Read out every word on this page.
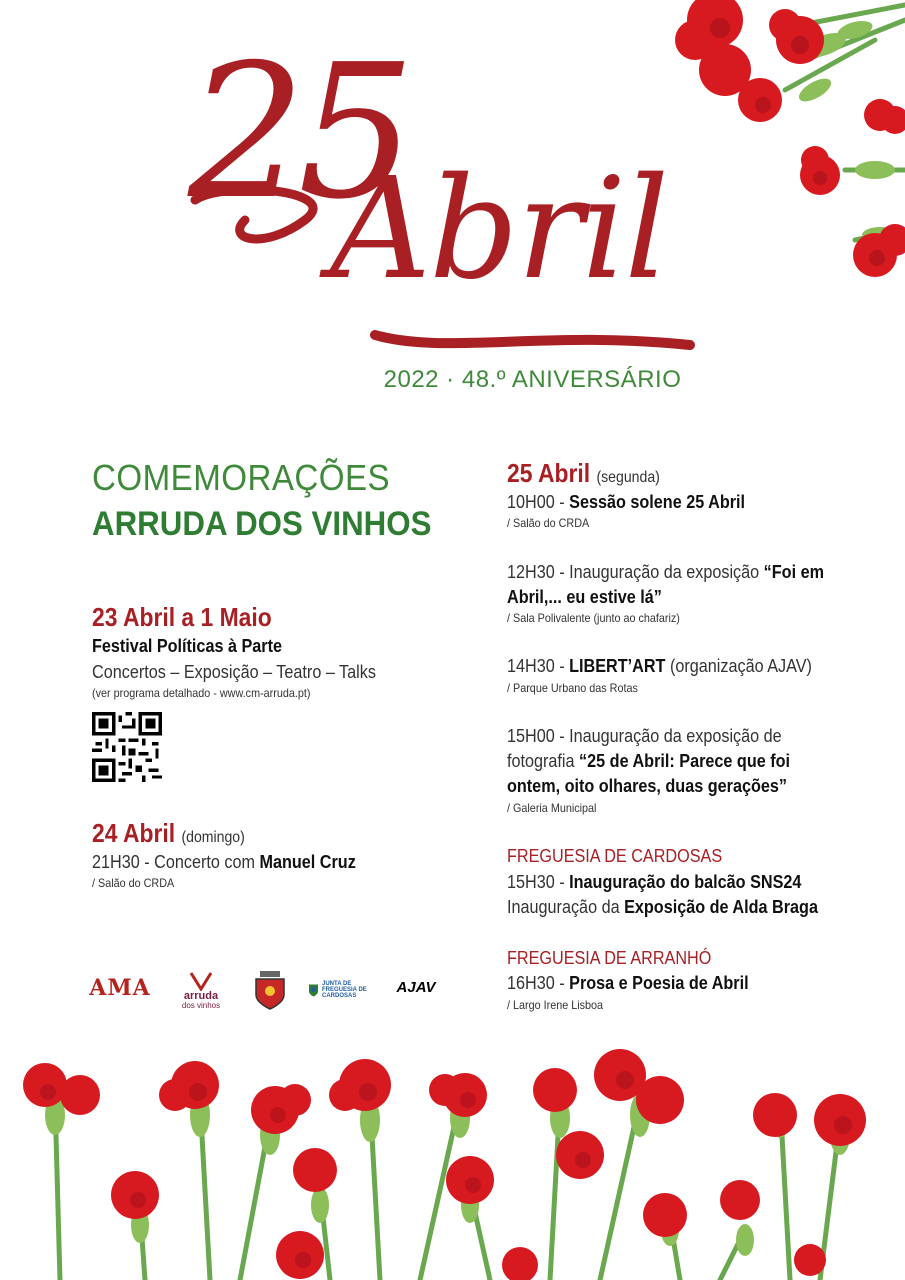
25
Abril
2022 · 48.º ANIVERSÁRIO
COMEMORAÇÕES
ARRUDA DOS VINHOS
23 Abril a 1 Maio
Festival Políticas à Parte
Concertos – Exposição – Teatro – Talks
(ver programa detalhado - www.cm-arruda.pt)
24 Abril (domingo)
21H30 - Concerto com Manuel Cruz
/ Salão do CRDA
AMA
	arruda
dos vinhos
JUNTA DE FREGUESIA DE CARDOSAS
AJAV

25 Abril (segunda)
10H00 - Sessão solene 25 Abril
/ Salão do CRDA
12H30 - Inauguração da exposição “Foi em
Abril,... eu estive lá”
/ Sala Polivalente (junto ao chafariz)
14H30 - LIBERT’ART (organização AJAV)
/ Parque Urbano das Rotas
15H00 - Inauguração da exposição de
fotografia “25 de Abril: Parece que foi
ontem, oito olhares, duas gerações”
/ Galeria Municipal
FREGUESIA DE CARDOSAS
15H30 - Inauguração do balcão SNS24
Inauguração da Exposição de Alda Braga
FREGUESIA DE ARRANHÓ
16H30 - Prosa e Poesia de Abril
/ Largo Irene Lisboa
